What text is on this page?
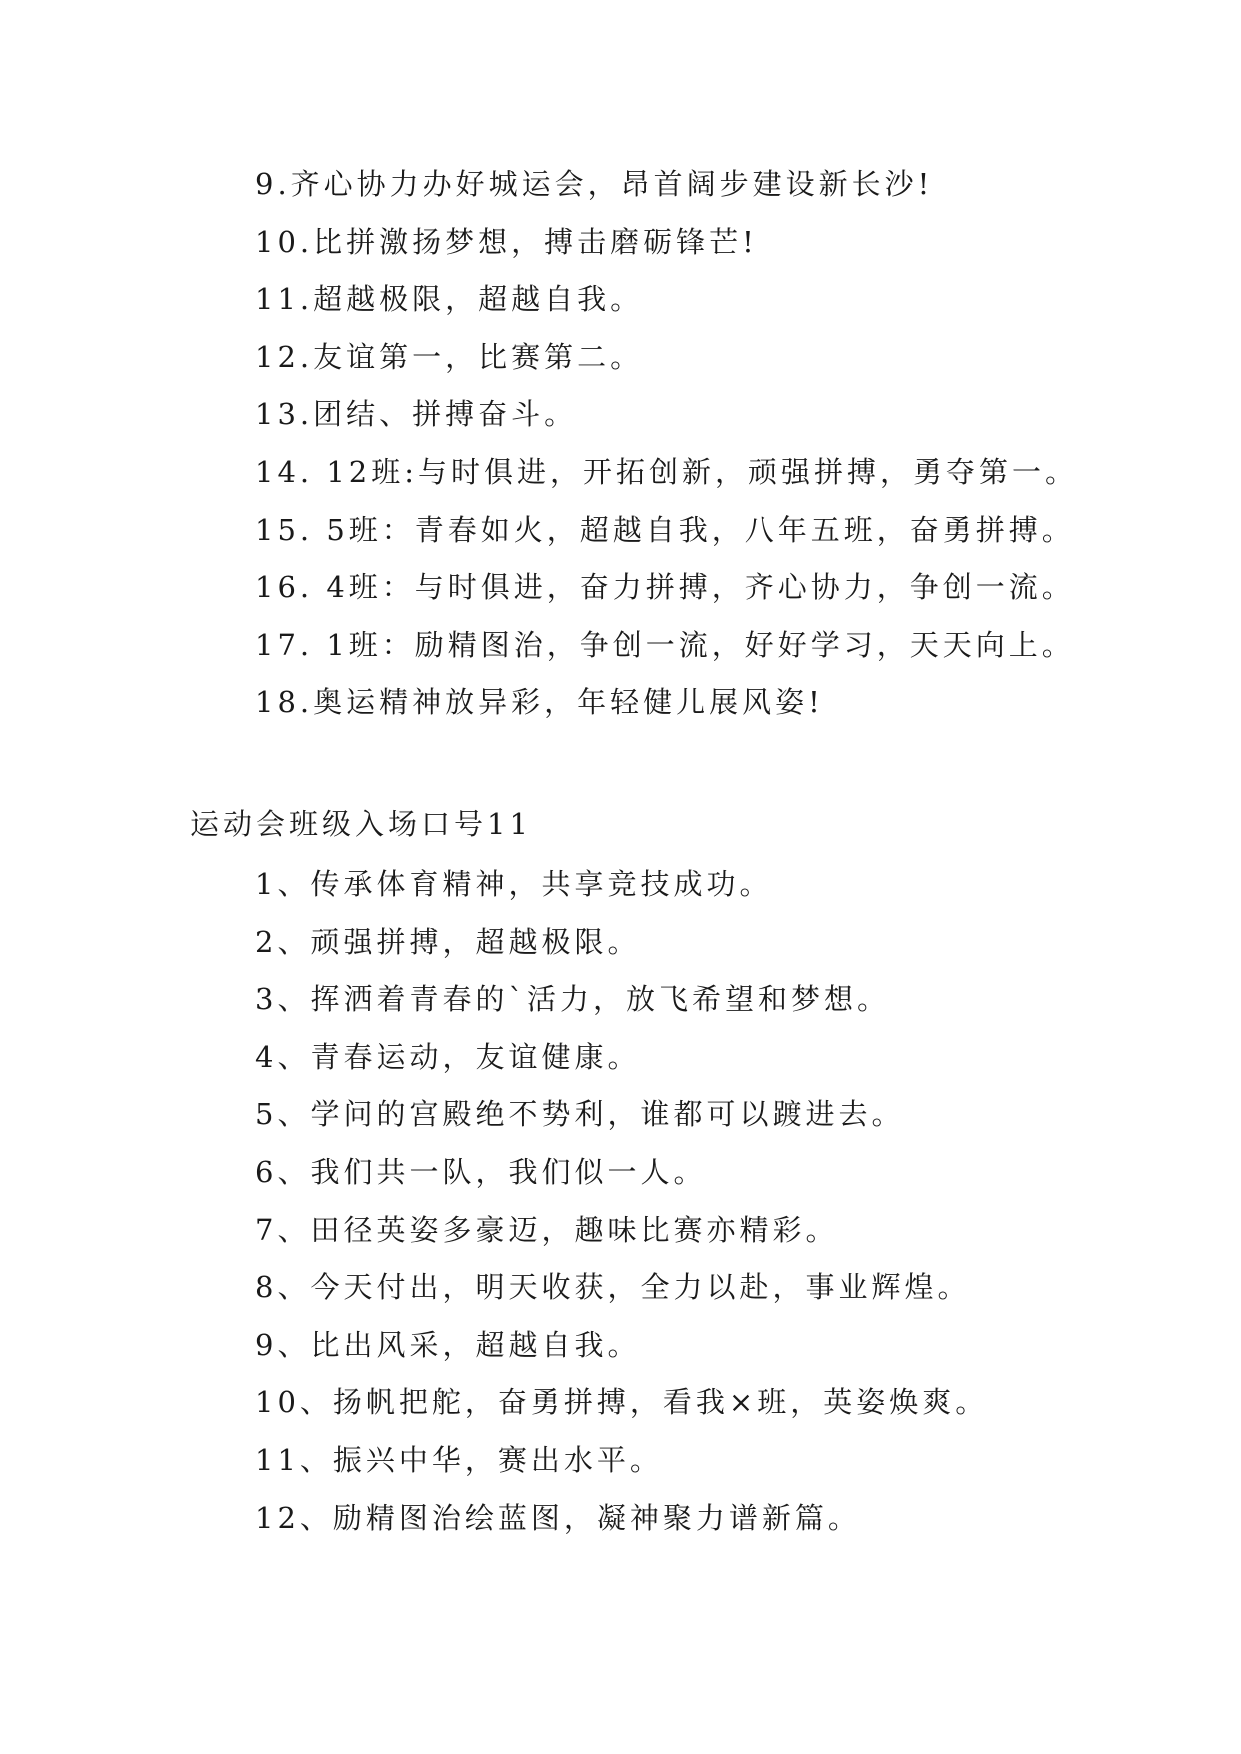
9.齐心协力办好城运会，昂首阔步建设新长沙!
10.比拼激扬梦想，搏击磨砺锋芒!
11.超越极限，超越自我。
12.友谊第一，比赛第二。
13.团结、拼搏奋斗。
14. 12班:与时俱进，开拓创新，顽强拼搏，勇夺第一。
15. 5班：青春如火，超越自我，八年五班，奋勇拼搏。
16. 4班：与时俱进，奋力拼搏，齐心协力，争创一流。
17. 1班：励精图治，争创一流，好好学习，天天向上。
18.奥运精神放异彩，年轻健儿展风姿!
运动会班级入场口号11
1、传承体育精神，共享竞技成功。
2、顽强拼搏，超越极限。
3、挥洒着青春的`活力，放飞希望和梦想。
4、青春运动，友谊健康。
5、学问的宫殿绝不势利，谁都可以踱进去。
6、我们共一队，我们似一人。
7、田径英姿多豪迈，趣味比赛亦精彩。
8、今天付出，明天收获，全力以赴，事业辉煌。
9、比出风采，超越自我。
10、扬帆把舵，奋勇拼搏，看我×班，英姿焕爽。
11、振兴中华，赛出水平。
12、励精图治绘蓝图，凝神聚力谱新篇。
